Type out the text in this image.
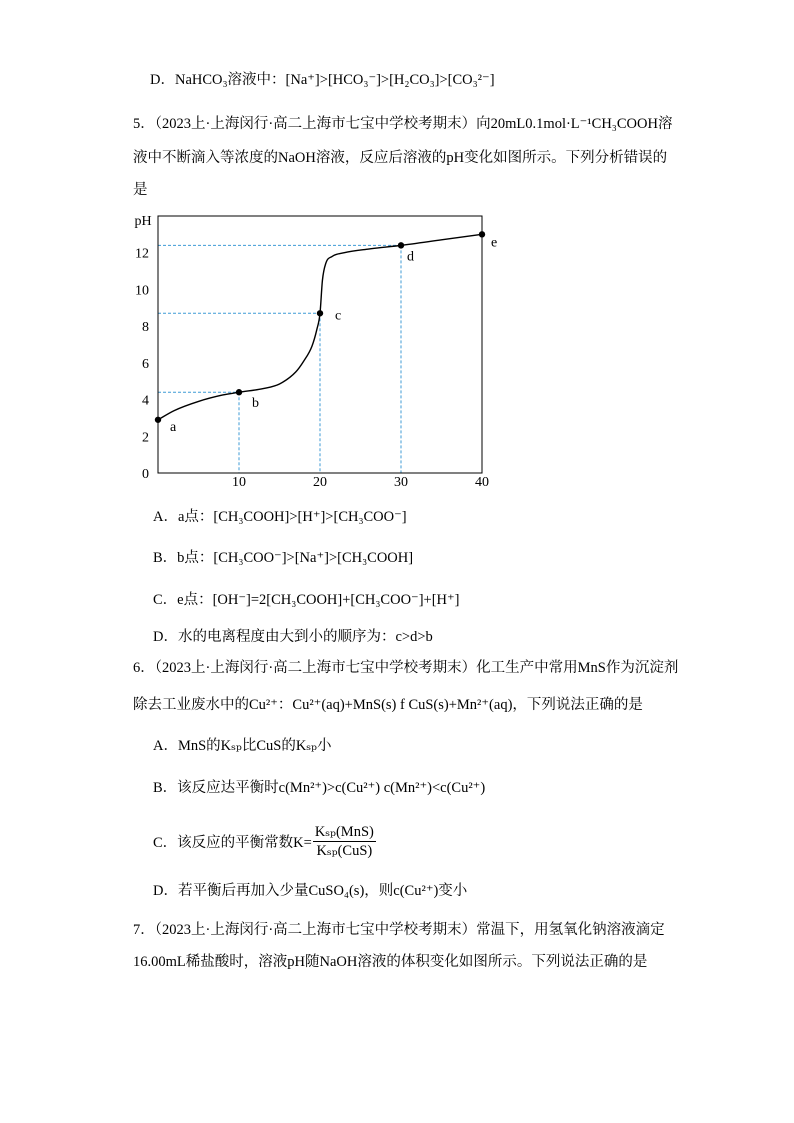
D．NaHCO₃溶液中：[Na⁺]>[HCO₃⁻]>[H₂CO₃]>[CO₃²⁻]
5．（2023上·上海闵行·高二上海市七宝中学校考期末）向20mL0.1mol·L⁻¹CH₃COOH溶
液中不断滴入等浓度的NaOH溶液，反应后溶液的pH变化如图所示。下列分析错误的
是
pH
0
2
4
6
8
10
12
10	20	30	40
a
b
c
d
e
A．a点：[CH₃COOH]>[H⁺]>[CH₃COO⁻]
B．b点：[CH₃COO⁻]>[Na⁺]>[CH₃COOH]
C．e点：[OH⁻]=2[CH₃COOH]+[CH₃COO⁻]+[H⁺]
D．水的电离程度由大到小的顺序为：c>d>b
6．（2023上·上海闵行·高二上海市七宝中学校考期末）化工生产中常用MnS作为沉淀剂
除去工业废水中的Cu²⁺：Cu²⁺(aq)+MnS(s) f CuS(s)+Mn²⁺(aq)，下列说法正确的是
A．MnS的Kₛₚ比CuS的Kₛₚ小
B．该反应达平衡时c(Mn²⁺)>c(Cu²⁺) c(Mn²⁺)<c(Cu²⁺)
C．该反应的平衡常数$K= \frac{\text{Kₛₚ(MnS)}}{\text{Kₛₚ(CuS)}}$
D．若平衡后再加入少量CuSO₄(s)，则c(Cu²⁺)变小
7．（2023上·上海闵行·高二上海市七宝中学校考期末）常温下，用氢氧化钠溶液滴定
16.00mL稀盐酸时，溶液pH随NaOH溶液的体积变化如图所示。下列说法正确的是
